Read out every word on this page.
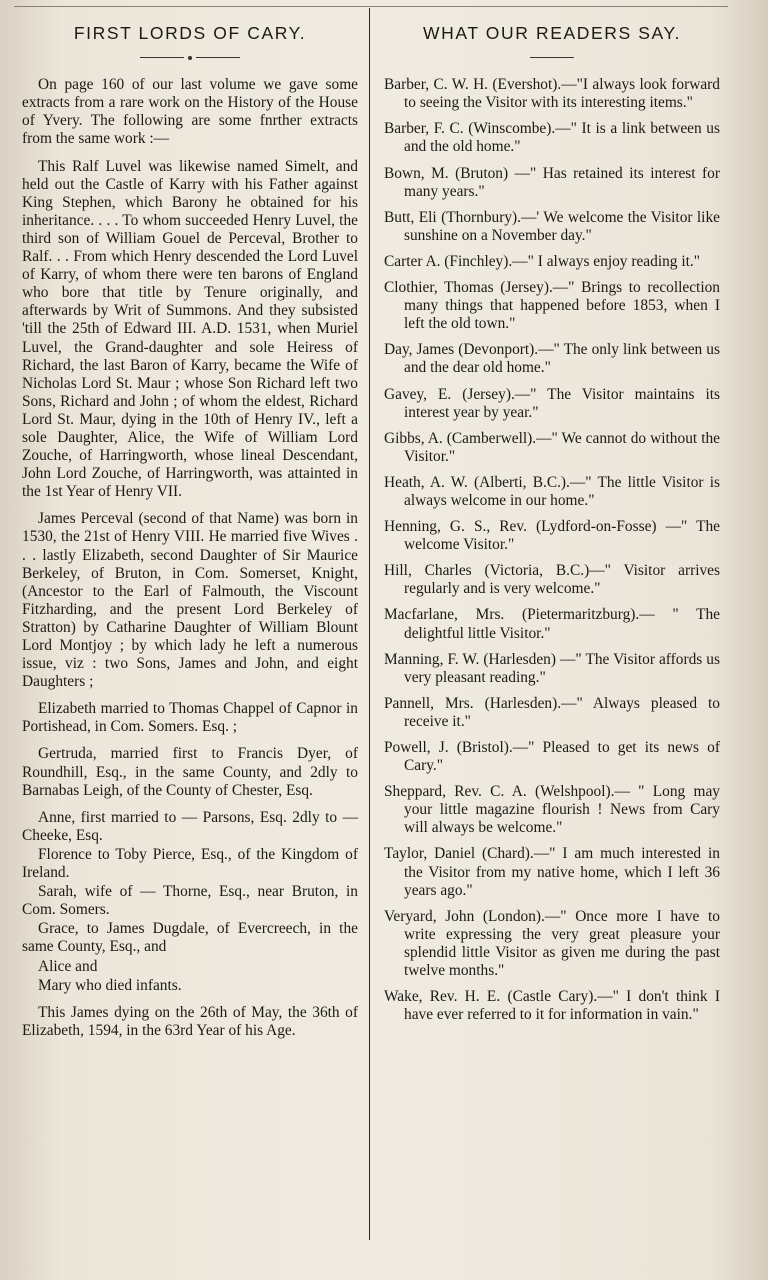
FIRST LORDS OF CARY.

On page 160 of our last volume we gave some extracts from a rare work on the History of the House of Yvery. The following are some fnrther extracts from the same work :—

This Ralf Luvel was likewise named Simelt, and held out the Castle of Karry with his Father against King Stephen, which Barony he obtained for his inheritance. . . . To whom succeeded Henry Luvel, the third son of William Gouel de Perceval, Brother to Ralf. . . From which Henry descended the Lord Luvel of Karry, of whom there were ten barons of England who bore that title by Tenure originally, and afterwards by Writ of Summons. And they subsisted 'till the 25th of Edward III. A.D. 1531, when Muriel Luvel, the Grand-daughter and sole Heiress of Richard, the last Baron of Karry, became the Wife of Nicholas Lord St. Maur ; whose Son Richard left two Sons, Richard and John ; of whom the eldest, Richard Lord St. Maur, dying in the 10th of Henry IV., left a sole Daughter, Alice, the Wife of William Lord Zouche, of Harringworth, whose lineal Descendant, John Lord Zouche, of Harringworth, was attainted in the 1st Year of Henry VII.

James Perceval (second of that Name) was born in 1530, the 21st of Henry VIII. He married five Wives . . . lastly Elizabeth, second Daughter of Sir Maurice Berkeley, of Bruton, in Com. Somerset, Knight, (Ancestor to the Earl of Falmouth, the Viscount Fitzharding, and the present Lord Berkeley of Stratton) by Catharine Daughter of William Blount Lord Montjoy ; by which lady he left a numerous issue, viz : two Sons, James and John, and eight Daughters ;

Elizabeth married to Thomas Chappel of Capnor in Portishead, in Com. Somers. Esq. ;

Gertruda, married first to Francis Dyer, of Roundhill, Esq., in the same County, and 2dly to Barnabas Leigh, of the County of Chester, Esq.

Anne, first married to — Parsons, Esq. 2dly to — Cheeke, Esq.

Florence to Toby Pierce, Esq., of the Kingdom of Ireland.

Sarah, wife of — Thorne, Esq., near Bruton, in Com. Somers.

Grace, to James Dugdale, of Evercreech, in the same County, Esq., and

Alice and

Mary who died infants.

This James dying on the 26th of May, the 36th of Elizabeth, 1594, in the 63rd Year of his Age.

WHAT OUR READERS SAY.

Barber, C. W. H. (Evershot).—"I always look forward to seeing the Visitor with its interesting items."

Barber, F. C. (Winscombe).—" It is a link between us and the old home."

Bown, M. (Bruton) —" Has retained its interest for many years."

Butt, Eli (Thornbury).—' We welcome the Visitor like sunshine on a November day."

Carter A. (Finchley).—" I always enjoy reading it."

Clothier, Thomas (Jersey).—" Brings to recollection many things that happened before 1853, when I left the old town."

Day, James (Devonport).—" The only link between us and the dear old home."

Gavey, E. (Jersey).—" The Visitor maintains its interest year by year."

Gibbs, A. (Camberwell).—" We cannot do without the Visitor."

Heath, A. W. (Alberti, B.C.).—" The little Visitor is always welcome in our home."

Henning, G. S., Rev. (Lydford-on-Fosse) —" The welcome Visitor."

Hill, Charles (Victoria, B.C.)—" Visitor arrives regularly and is very welcome."

Macfarlane, Mrs. (Pietermaritzburg).— " The delightful little Visitor."

Manning, F. W. (Harlesden) —" The Visitor affords us very pleasant reading."

Pannell, Mrs. (Harlesden).—" Always pleased to receive it."

Powell, J. (Bristol).—" Pleased to get its news of Cary."

Sheppard, Rev. C. A. (Welshpool).— " Long may your little magazine flourish ! News from Cary will always be welcome."

Taylor, Daniel (Chard).—" I am much interested in the Visitor from my native home, which I left 36 years ago."

Veryard, John (London).—" Once more I have to write expressing the very great pleasure your splendid little Visitor as given me during the past twelve months."

Wake, Rev. H. E. (Castle Cary).—" I don't think I have ever referred to it for information in vain."
